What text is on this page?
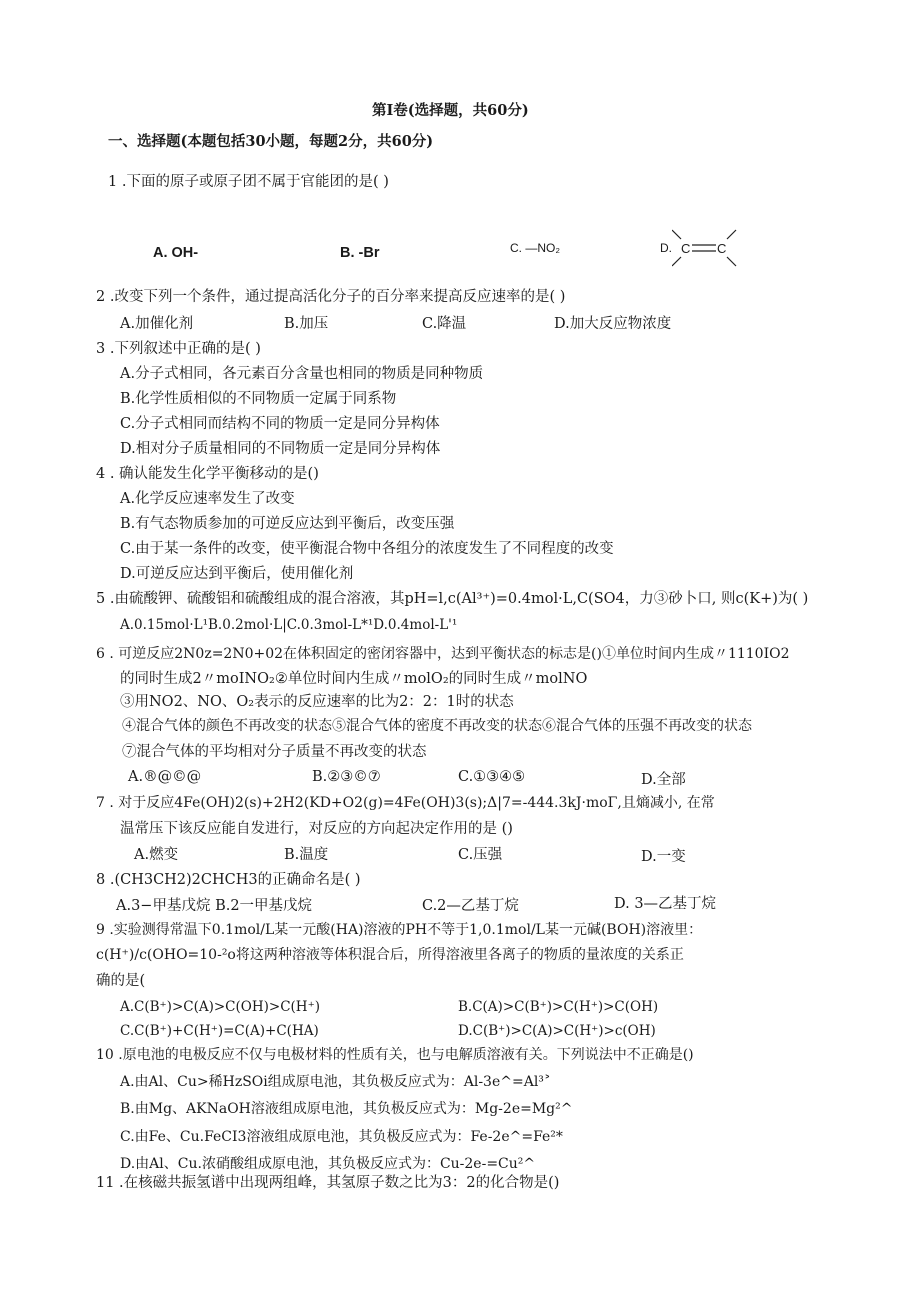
第I卷(选择题，共60分)
一、选择题(本题包括30小题，每题2分，共60分)
1 .下面的原子或原子团不属于官能团的是( )
A. OH-	B. -Br	C. —NO₂	D. C C
2 .改变下列一个条件，通过提高活化分子的百分率来提高反应速率的是( )
A.加催化剂	B.加压	C.降温	D.加大反应物浓度
3 .下列叙述中正确的是( )
A.分子式相同，各元素百分含量也相同的物质是同种物质
B.化学性质相似的不同物质一定属于同系物
C.分子式相同而结构不同的物质一定是同分异构体
D.相对分子质量相同的不同物质一定是同分异构体
4 . 确认能发生化学平衡移动的是()
A.化学反应速率发生了改变
B.有气态物质参加的可逆反应达到平衡后，改变压强
C.由于某一条件的改变，使平衡混合物中各组分的浓度发生了不同程度的改变
D.可逆反应达到平衡后，使用催化剂
5 .由硫酸钾、硫酸铝和硫酸组成的混合溶液，其pH=l,c(Al³⁺)=0.4mol·L,C(SO4，力③砂卜口, 则c(K+)为( )
A.0.15mol·L¹B.0.2mol·L|C.0.3mol-L*¹D.0.4mol-L'¹
6 . 可逆反应2N0z=2N0+02在体积固定的密闭容器中，达到平衡状态的标志是()①单位时间内生成〃1110IO2
的同时生成2〃moINO₂②单位时间内生成〃molO₂的同时生成〃molNO
③用NO2、NO、O₂表示的反应速率的比为2：2：1时的状态
④混合气体的颜色不再改变的状态⑤混合气体的密度不再改变的状态⑥混合气体的压强不再改变的状态
⑦混合气体的平均相对分子质量不再改变的状态
A.®@©@	B.②③©⑦	C.①③④⑤	D.全部
7 . 对于反应4Fe(OH)2(s)+2H2(KD+O2(g)=4Fe(OH)3(s);Δ|7=-444.3kJ·moΓ,且熵减小, 在常
温常压下该反应能自发进行，对反应的方向起决定作用的是 ()
A.燃变	B.温度	C.压强	D.一变
8 .(CH3CH2)2CHCH3的正确命名是( )
A.3−甲基戊烷 B.2一甲基戊烷	C.2—乙基丁烷	D. 3—乙基丁烷
9 .实验测得常温下0.1mol/L某一元酸(HA)溶液的PH不等于1,0.1mol/L某一元碱(BOH)溶液里：
c(H⁺)/c(OHO=10-²o将这两种溶液等体积混合后，所得溶液里各离子的物质的量浓度的关系正
确的是(
A.C(B⁺)>C(A)>C(OH)>C(H⁺)	B.C(A)>C(B⁺)>C(H⁺)>C(OH)
C.C(B⁺)+C(H⁺)=C(A)+C(HA)	D.C(B⁺)>C(A)>C(H⁺)>c(OH)
10 .原电池的电极反应不仅与电极材料的性质有关，也与电解质溶液有关。下列说法中不正确是()
A.由Al、Cu>稀HzSOi组成原电池，其负极反应式为：Al-3e^=Al³˃
B.由Mg、AKNaOH溶液组成原电池，其负极反应式为：Mg-2e=Mg²^
C.由Fe、Cu.FeCI3溶液组成原电池，其负极反应式为：Fe-2e^=Fe²*
D.由Al、Cu.浓硝酸组成原电池，其负极反应式为：Cu-2e-=Cu²^
11 .在核磁共振氢谱中出现两组峰，其氢原子数之比为3：2的化合物是()
